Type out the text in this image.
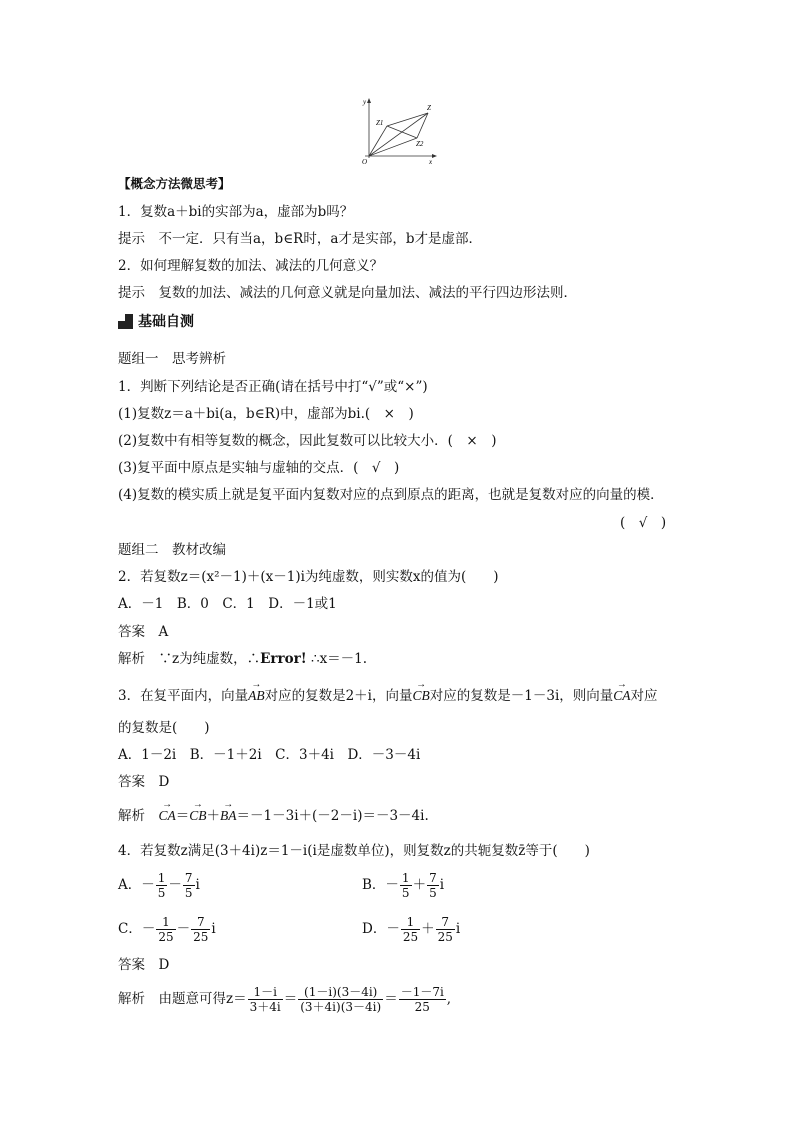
y
x
O
Z
Z1
Z2
【概念方法微思考】
1．复数a＋bi的实部为a，虚部为b吗？
提示　不一定．只有当a，b∈R时，a才是实部，b才是虚部．
2．如何理解复数的加法、减法的几何意义？
提示　复数的加法、减法的几何意义就是向量加法、减法的平行四边形法则．
基础自测
题组一　思考辨析
1．判断下列结论是否正确(请在括号中打“√”或“×”)
(1)复数z＝a＋bi(a，b∈R)中，虚部为bi.(　×　)
(2)复数中有相等复数的概念，因此复数可以比较大小．(　×　)
(3)复平面中原点是实轴与虚轴的交点．(　√　)
(4)复数的模实质上就是复平面内复数对应的点到原点的距离，也就是复数对应的向量的模．
(　√　)
题组二　教材改编
2．若复数z＝(x²－1)＋(x－1)i为纯虚数，则实数x的值为(　　)
A．－1　B．0　C．1　D．－1或1
答案　A
解析　∵z为纯虚数，∴Error! ∴x＝－1.
3．在复平面内，向量→ AB对应的复数是2＋i，向量→ CB对应的复数是－1－3i，则向量→ CA对应
的复数是(　　)
A．1－2i　B．－1＋2i　C．3＋4i　D．－3－4i
答案　D
解析　→ CA＝→ CB＋→ BA＝－1－3i＋(－2－i)＝－3－4i.
4．若复数z满足(3＋4i)z＝1－i(i是虚数单位)，则复数z的共轭复数z̄等于(　　)
A．－ $\frac{1}{5} - \frac{7}{5}$ i	B．－ $\frac{1}{5} + \frac{7}{5}$ i
C．－ $\frac{1}{25} - \frac{7}{25}$ i	D．－ $\frac{1}{25} + \frac{7}{25}$ i
答案　D
解析　由题意可得$z= \frac{1-i}{3+4i} = \frac{(1-i)(3-4i)}{(3+4i)(3-4i)} = \frac{-1-7i}{25}$ ,
